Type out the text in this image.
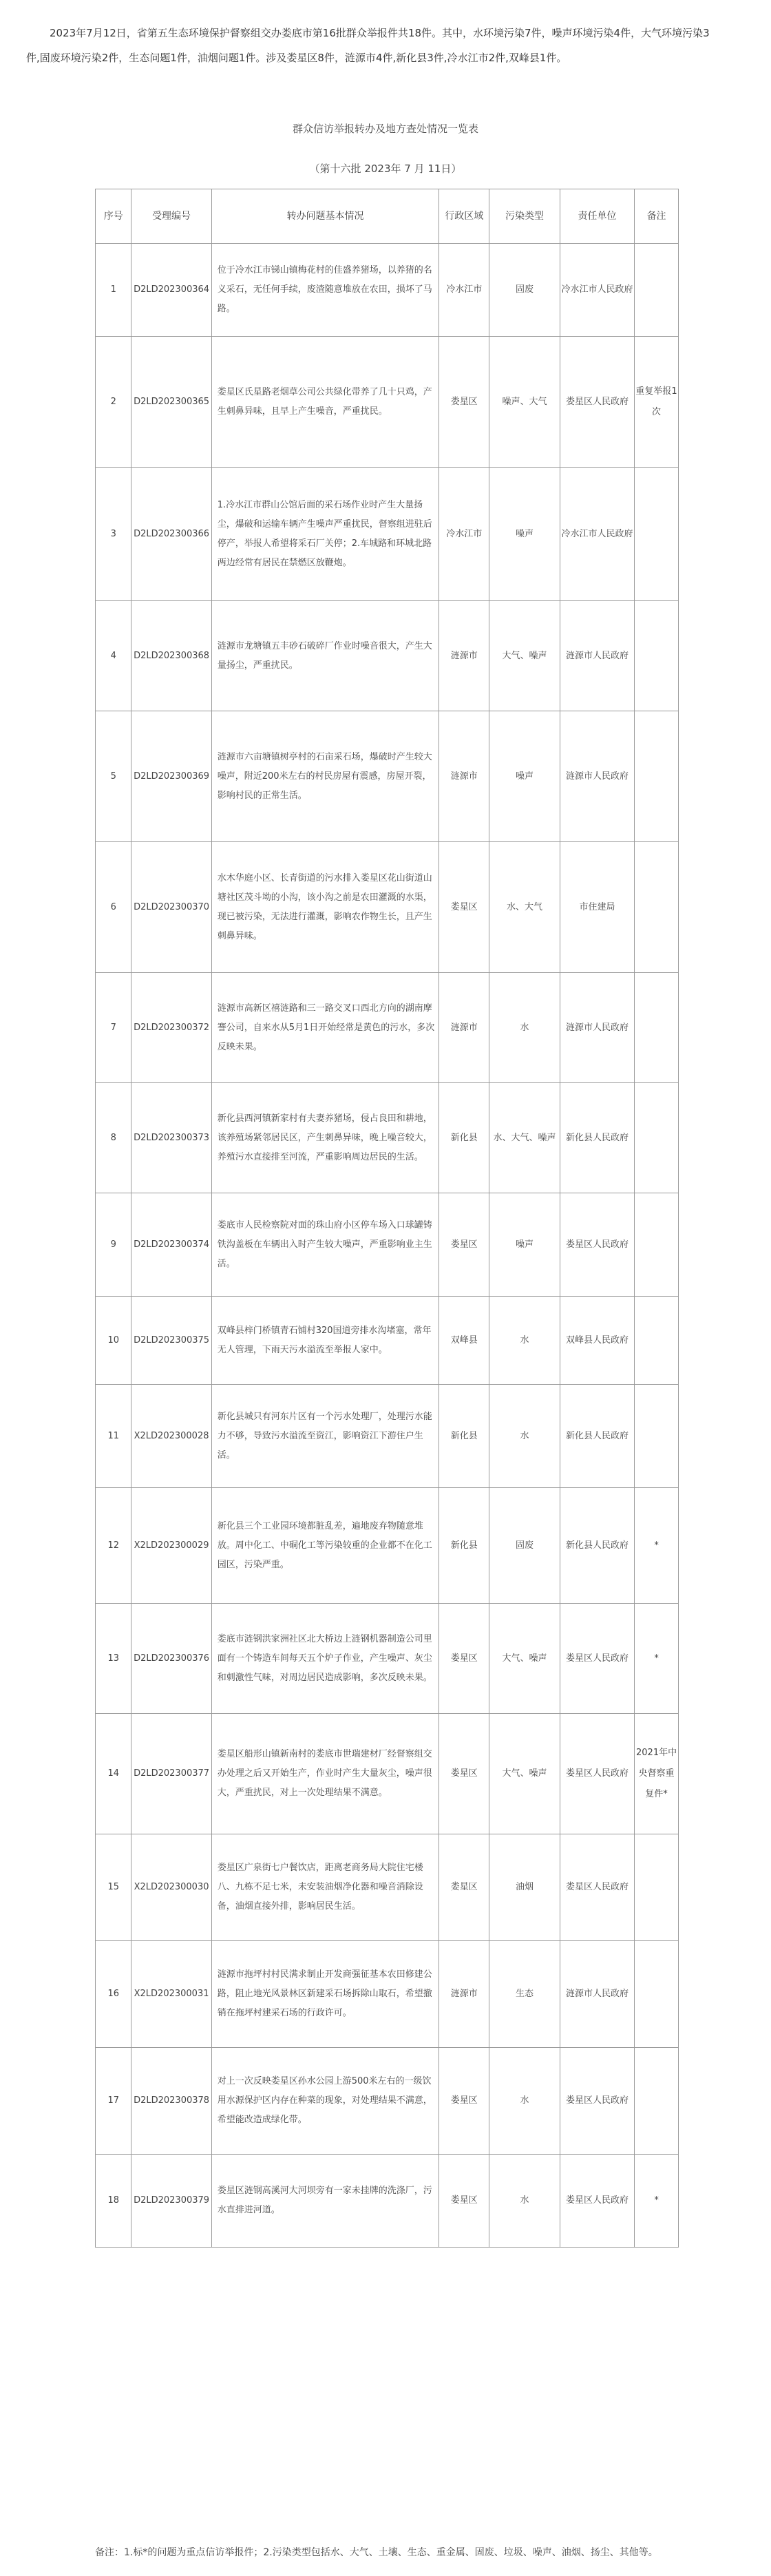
2023年7月12日，省第五生态环境保护督察组交办娄底市第16批群众举报件共18件。其中，水环境污染7件，噪声环境污染4件，大气环境污染3

件,固废环境污染2件，生态问题1件，油烟问题1件。涉及娄星区8件，涟源市4件,新化县3件,冷水江市2件,双峰县1件。

群众信访举报转办及地方查处情况一览表
（第十六批 2023年 7 月 11日）
序号	受理编号	转办问题基本情况	行政区域	污染类型	责任单位	备注
1	D2LD202300364	位于冷水江市锑山镇梅花村的佳盛养猪场，以养猪的名义采石，无任何手续，废渣随意堆放在农田，损坏了马路。	冷水江市	固废	冷水江市人民政府	
2	D2LD202300365	娄星区氏星路老烟草公司公共绿化带养了几十只鸡，产生刺鼻异味，且早上产生噪音，严重扰民。	娄星区	噪声、大气	娄星区人民政府	重复举报1次
3	D2LD202300366	1.冷水江市群山公馆后面的采石场作业时产生大量扬尘，爆破和运输车辆产生噪声严重扰民，督察组进驻后停产，举报人希望将采石厂关停；2.车城路和环城北路两边经常有居民在禁燃区放鞭炮。	冷水江市	噪声	冷水江市人民政府	
4	D2LD202300368	涟源市龙塘镇五丰砂石破碎厂作业时噪音很大，产生大量扬尘，严重扰民。	涟源市	大气、噪声	涟源市人民政府	
5	D2LD202300369	涟源市六亩塘镇树亭村的石亩采石场，爆破时产生较大噪声，附近200米左右的村民房屋有震感，房屋开裂，影响村民的正常生活。	涟源市	噪声	涟源市人民政府	
6	D2LD202300370	水木华庭小区、长青街道的污水排入娄星区花山街道山塘社区茂斗坳的小沟，该小沟之前是农田灌溉的水渠，现已被污染，无法进行灌溉，影响农作物生长，且产生刺鼻异味。	娄星区	水、大气	市住建局	
7	D2LD202300372	涟源市高新区禧涟路和三一路交叉口西北方向的湖南摩謇公司，自来水从5月1日开始经常是黄色的污水，多次反映未果。	涟源市	水	涟源市人民政府	
8	D2LD202300373	新化县西河镇新家村有夫妻养猪场，侵占良田和耕地，该养殖场紧邻居民区，产生刺鼻异味，晚上噪音较大，养殖污水直接排至河流，严重影响周边居民的生活。	新化县	水、大气、噪声	新化县人民政府	
9	D2LD202300374	娄底市人民检察院对面的珠山府小区停车场入口球罐铸铁沟盖板在车辆出入时产生较大噪声，严重影响业主生活。	娄星区	噪声	娄星区人民政府	
10	D2LD202300375	双峰县梓门桥镇青石铺村320国道旁排水沟堵塞，常年无人管理，下雨天污水溢流至举报人家中。	双峰县	水	双峰县人民政府	
11	X2LD202300028	新化县城只有河东片区有一个污水处理厂，处理污水能力不够，导致污水溢流至资江，影响资江下游住户生活。	新化县	水	新化县人民政府	
12	X2LD202300029	新化县三个工业园环境都脏乱差，遍地废弃物随意堆放。周中化工、中硐化工等污染较重的企业都不在化工园区，污染严重。	新化县	固废	新化县人民政府	*
13	D2LD202300376	娄底市涟钢洪家洲社区北大桥边上涟钢机器制造公司里面有一个铸造车间每天五个炉子作业，产生噪声、灰尘和刺激性气味，对周边居民造成影响，多次反映未果。	娄星区	大气、噪声	娄星区人民政府	*
14	D2LD202300377	娄星区船形山镇新南村的娄底市世瑞建材厂经督察组交办处理之后又开始生产，作业时产生大量灰尘，噪声很大，严重扰民，对上一次处理结果不满意。	娄星区	大气、噪声	娄星区人民政府	2021年中央督察重复件*
15	X2LD202300030	娄星区广泉街七户餐饮店，距离老商务局大院住宅楼八、九栋不足七米，未安装油烟净化器和噪音消除设备，油烟直接外排，影响居民生活。	娄星区	油烟	娄星区人民政府	
16	X2LD202300031	涟源市拖坪村村民满求制止开发商强征基本农田修建公路，阻止地光风景林区新建采石场拆除山取石，希望撤销在拖坪村建采石场的行政许可。	涟源市	生态	涟源市人民政府	
17	D2LD202300378	对上一次反映娄星区孙水公园上游500米左右的一级饮用水源保护区内存在种菜的现象，对处理结果不满意，希望能改造成绿化带。	娄星区	水	娄星区人民政府	
18	D2LD202300379	娄星区涟钢高溪河大河坝旁有一家未挂牌的洗涤厂，污水直排进河道。	娄星区	水	娄星区人民政府	*
备注：1.标*的问题为重点信访举报件；2.污染类型包括水、大气、土壤、生态、重金属、固废、垃圾、噪声、油烟、扬尘、其他等。
